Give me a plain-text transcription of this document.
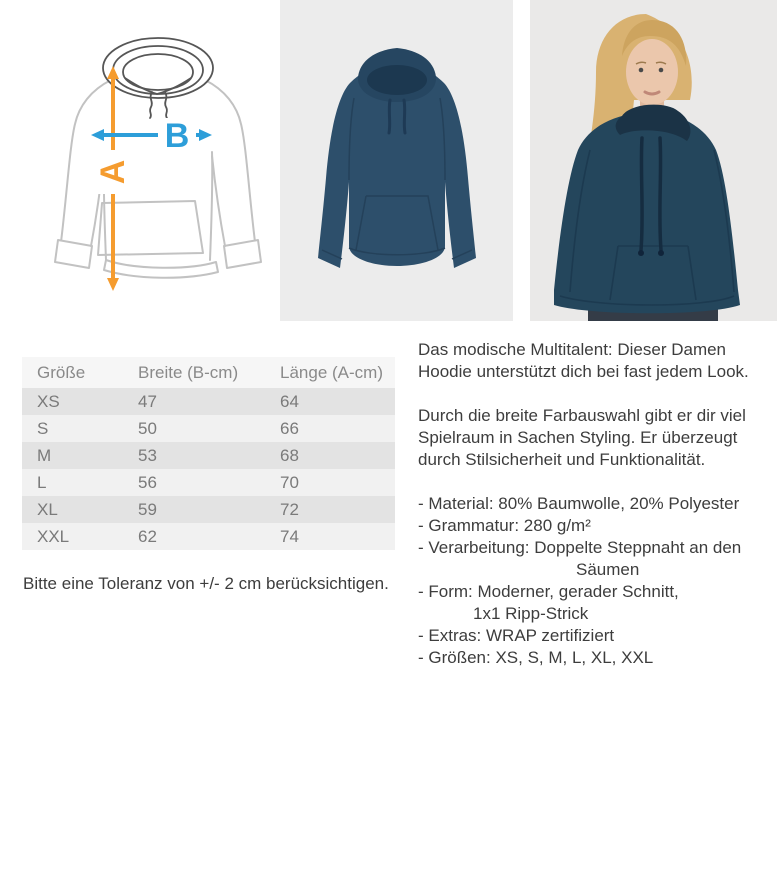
A
B
Größe	Breite (B-cm)	Länge (A-cm)
XS	47	64
S	50	66
M	53	68
L	56	70
XL	59	72
XXL	62	74

Bitte eine Toleranz von +/- 2 cm berücksichtigen.

Das modische Multitalent: Dieser Damen Hoodie unterstützt dich bei fast jedem Look.

Durch die breite Farbauswahl gibt er dir viel Spielraum in Sachen Styling. Er überzeugt durch Stilsicherheit und Funktionalität.

- Material: 80% Baumwolle, 20% Polyester
- Grammatur: 280 g/m²
- Verarbeitung: Doppelte Steppnaht an den
Säumen
- Form: Moderner, gerader Schnitt,
1x1 Ripp-Strick
- Extras: WRAP zertifiziert
- Größen: XS, S, M, L, XL, XXL
